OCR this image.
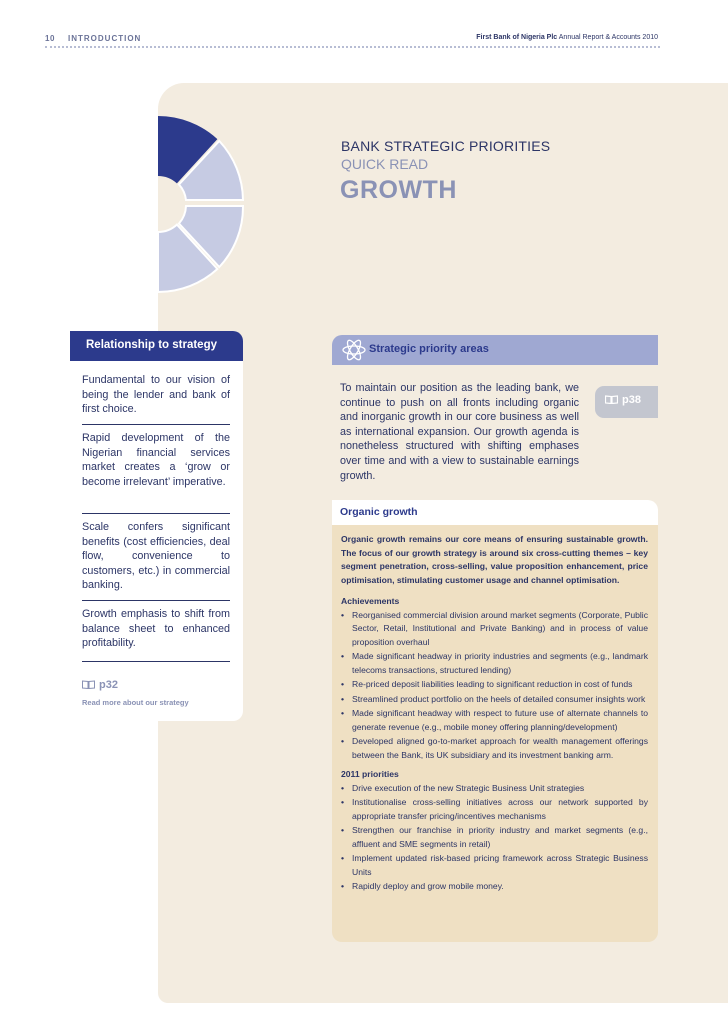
10 INTRODUCTION	First Bank of Nigeria Plc Annual Report & Accounts 2010
BANK STRATEGIC PRIORITIES
QUICK READ
GROWTH
Relationship to strategy
Fundamental to our vision of being the lender and bank of first choice.
Rapid development of the Nigerian financial services market creates a ‘grow or become irrelevant’ imperative.
Scale confers significant benefits (cost efficiencies, deal flow, convenience to customers, etc.) in commercial banking.
Growth emphasis to shift from balance sheet to enhanced profitability.
p32
Read more about our strategy
Strategic priority areas
To maintain our position as the leading bank, we continue to push on all fronts including organic and inorganic growth in our core business as well as international expansion. Our growth agenda is nonetheless structured with shifting emphases over time and with a view to sustainable earnings growth.
p38
Organic growth

Organic growth remains our core means of ensuring sustainable growth. The focus of our growth strategy is around six cross-cutting themes – key segment penetration, cross-selling, value proposition enhancement, price optimisation, stimulating customer usage and channel optimisation.

Achievements

• Reorganised commercial division around market segments (Corporate, Public Sector, Retail, Institutional and Private Banking) and in process of value proposition overhaul
• Made significant headway in priority industries and segments (e.g., landmark telecoms transactions, structured lending)
• Re-priced deposit liabilities leading to significant reduction in cost of funds
• Streamlined product portfolio on the heels of detailed consumer insights work
• Made significant headway with respect to future use of alternate channels to generate revenue (e.g., mobile money offering planning/development)
• Developed aligned go-to-market approach for wealth management offerings between the Bank, its UK subsidiary and its investment banking arm.

2011 priorities

• Drive execution of the new Strategic Business Unit strategies
• Institutionalise cross-selling initiatives across our network supported by appropriate transfer pricing/incentives mechanisms
• Strengthen our franchise in priority industry and market segments (e.g., affluent and SME segments in retail)
• Implement updated risk-based pricing framework across Strategic Business Units
• Rapidly deploy and grow mobile money.
